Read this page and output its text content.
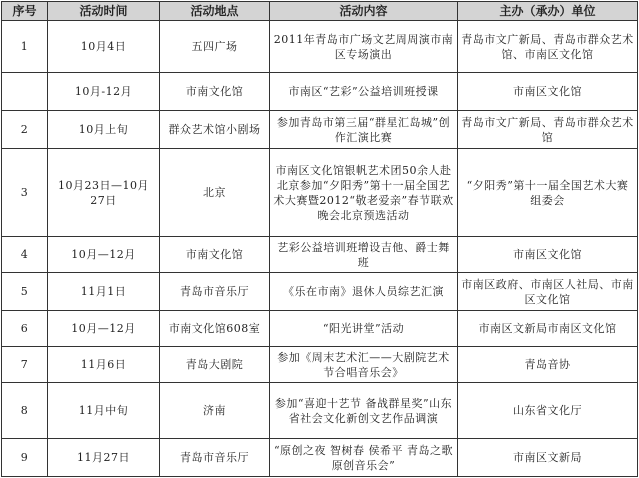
序号	活动时间	活动地点	活动内容	主办（承办）单位
1	10月4日	五四广场	2011年青岛市广场文艺周周演市南区专场演出	青岛市文广新局、青岛市群众艺术馆、市南区文化馆
	10月-12月	市南文化馆	市南区“艺彩”公益培训班授课	市南区文化馆
2	10月上旬	群众艺术馆小剧场	参加青岛市第三届“群星汇岛城”创作汇演比赛	青岛市文广新局、青岛市群众艺术馆
3	10月23日—10月27日	北京	市南区文化馆银帆艺术团50余人赴北京参加“夕阳秀”第十一届全国艺术大赛暨2012“敬老爱亲”春节联欢晚会北京预选活动	“夕阳秀”第十一届全国艺术大赛组委会
4	10月—12月	市南文化馆	艺彩公益培训班增设吉他、爵士舞班	市南区文化馆
5	11月1日	青岛市音乐厅	《乐在市南》退休人员综艺汇演	市南区政府、市南区人社局、市南区文化馆
6	10月—12月	市南文化馆608室	“阳光讲堂”活动	市南区文新局市南区文化馆
7	11月6日	青岛大剧院	参加《周末艺术汇——大剧院艺术节合唱音乐会》	青岛音协
8	11月中旬	济南	参加“喜迎十艺节 备战群星奖”山东省社会文化新创文艺作品调演	山东省文化厅
9	11月27日	青岛市音乐厅	“原创之夜 智树春 侯希平 青岛之歌 原创音乐会”	市南区文新局
